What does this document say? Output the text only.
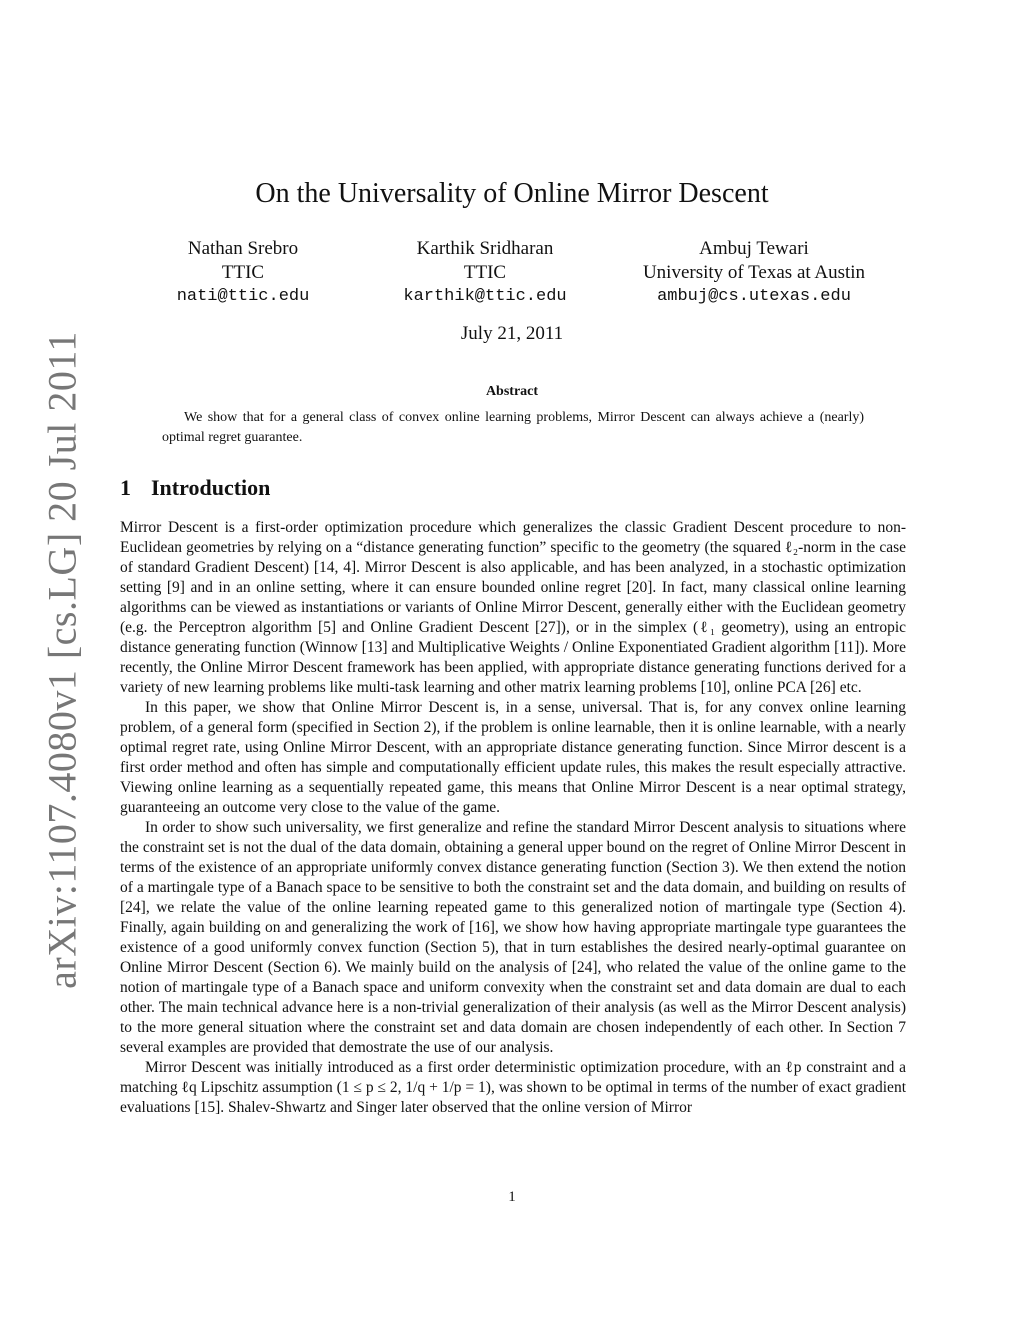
arXiv:1107.4080v1 [cs.LG] 20 Jul 2011
On the Universality of Online Mirror Descent
Nathan Srebro
TTIC
nati@ttic.edu
Karthik Sridharan
TTIC
karthik@ttic.edu
Ambuj Tewari
University of Texas at Austin
ambuj@cs.utexas.edu
July 21, 2011
Abstract
We show that for a general class of convex online learning problems, Mirror Descent can always achieve a (nearly) optimal regret guarantee.
1 Introduction

Mirror Descent is a first-order optimization procedure which generalizes the classic Gradient Descent procedure to non-Euclidean geometries by relying on a “distance generating function” specific to the geometry (the squared ℓ₂-norm in the case of standard Gradient Descent) [14, 4]. Mirror Descent is also applicable, and has been analyzed, in a stochastic optimization setting [9] and in an online setting, where it can ensure bounded online regret [20]. In fact, many classical online learning algorithms can be viewed as instantiations or variants of Online Mirror Descent, generally either with the Euclidean geometry (e.g. the Perceptron algorithm [5] and Online Gradient Descent [27]), or in the simplex (ℓ₁ geometry), using an entropic distance generating function (Winnow [13] and Multiplicative Weights / Online Exponentiated Gradient algorithm [11]). More recently, the Online Mirror Descent framework has been applied, with appropriate distance generating functions derived for a variety of new learning problems like multi-task learning and other matrix learning problems [10], online PCA [26] etc.

In this paper, we show that Online Mirror Descent is, in a sense, universal. That is, for any convex online learning problem, of a general form (specified in Section 2), if the problem is online learnable, then it is online learnable, with a nearly optimal regret rate, using Online Mirror Descent, with an appropriate distance generating function. Since Mirror descent is a first order method and often has simple and computationally efficient update rules, this makes the result especially attractive. Viewing online learning as a sequentially repeated game, this means that Online Mirror Descent is a near optimal strategy, guaranteeing an outcome very close to the value of the game.

In order to show such universality, we first generalize and refine the standard Mirror Descent analysis to situations where the constraint set is not the dual of the data domain, obtaining a general upper bound on the regret of Online Mirror Descent in terms of the existence of an appropriate uniformly convex distance generating function (Section 3). We then extend the notion of a martingale type of a Banach space to be sensitive to both the constraint set and the data domain, and building on results of [24], we relate the value of the online learning repeated game to this generalized notion of martingale type (Section 4). Finally, again building on and generalizing the work of [16], we show how having appropriate martingale type guarantees the existence of a good uniformly convex function (Section 5), that in turn establishes the desired nearly-optimal guarantee on Online Mirror Descent (Section 6). We mainly build on the analysis of [24], who related the value of the online game to the notion of martingale type of a Banach space and uniform convexity when the constraint set and data domain are dual to each other. The main technical advance here is a non-trivial generalization of their analysis (as well as the Mirror Descent analysis) to the more general situation where the constraint set and data domain are chosen independently of each other. In Section 7 several examples are provided that demostrate the use of our analysis.

Mirror Descent was initially introduced as a first order deterministic optimization procedure, with an ℓp constraint and a matching ℓq Lipschitz assumption (1 ≤ p ≤ 2, 1/q + 1/p = 1), was shown to be optimal in terms of the number of exact gradient evaluations [15]. Shalev-Shwartz and Singer later observed that the online version of Mirror

1
